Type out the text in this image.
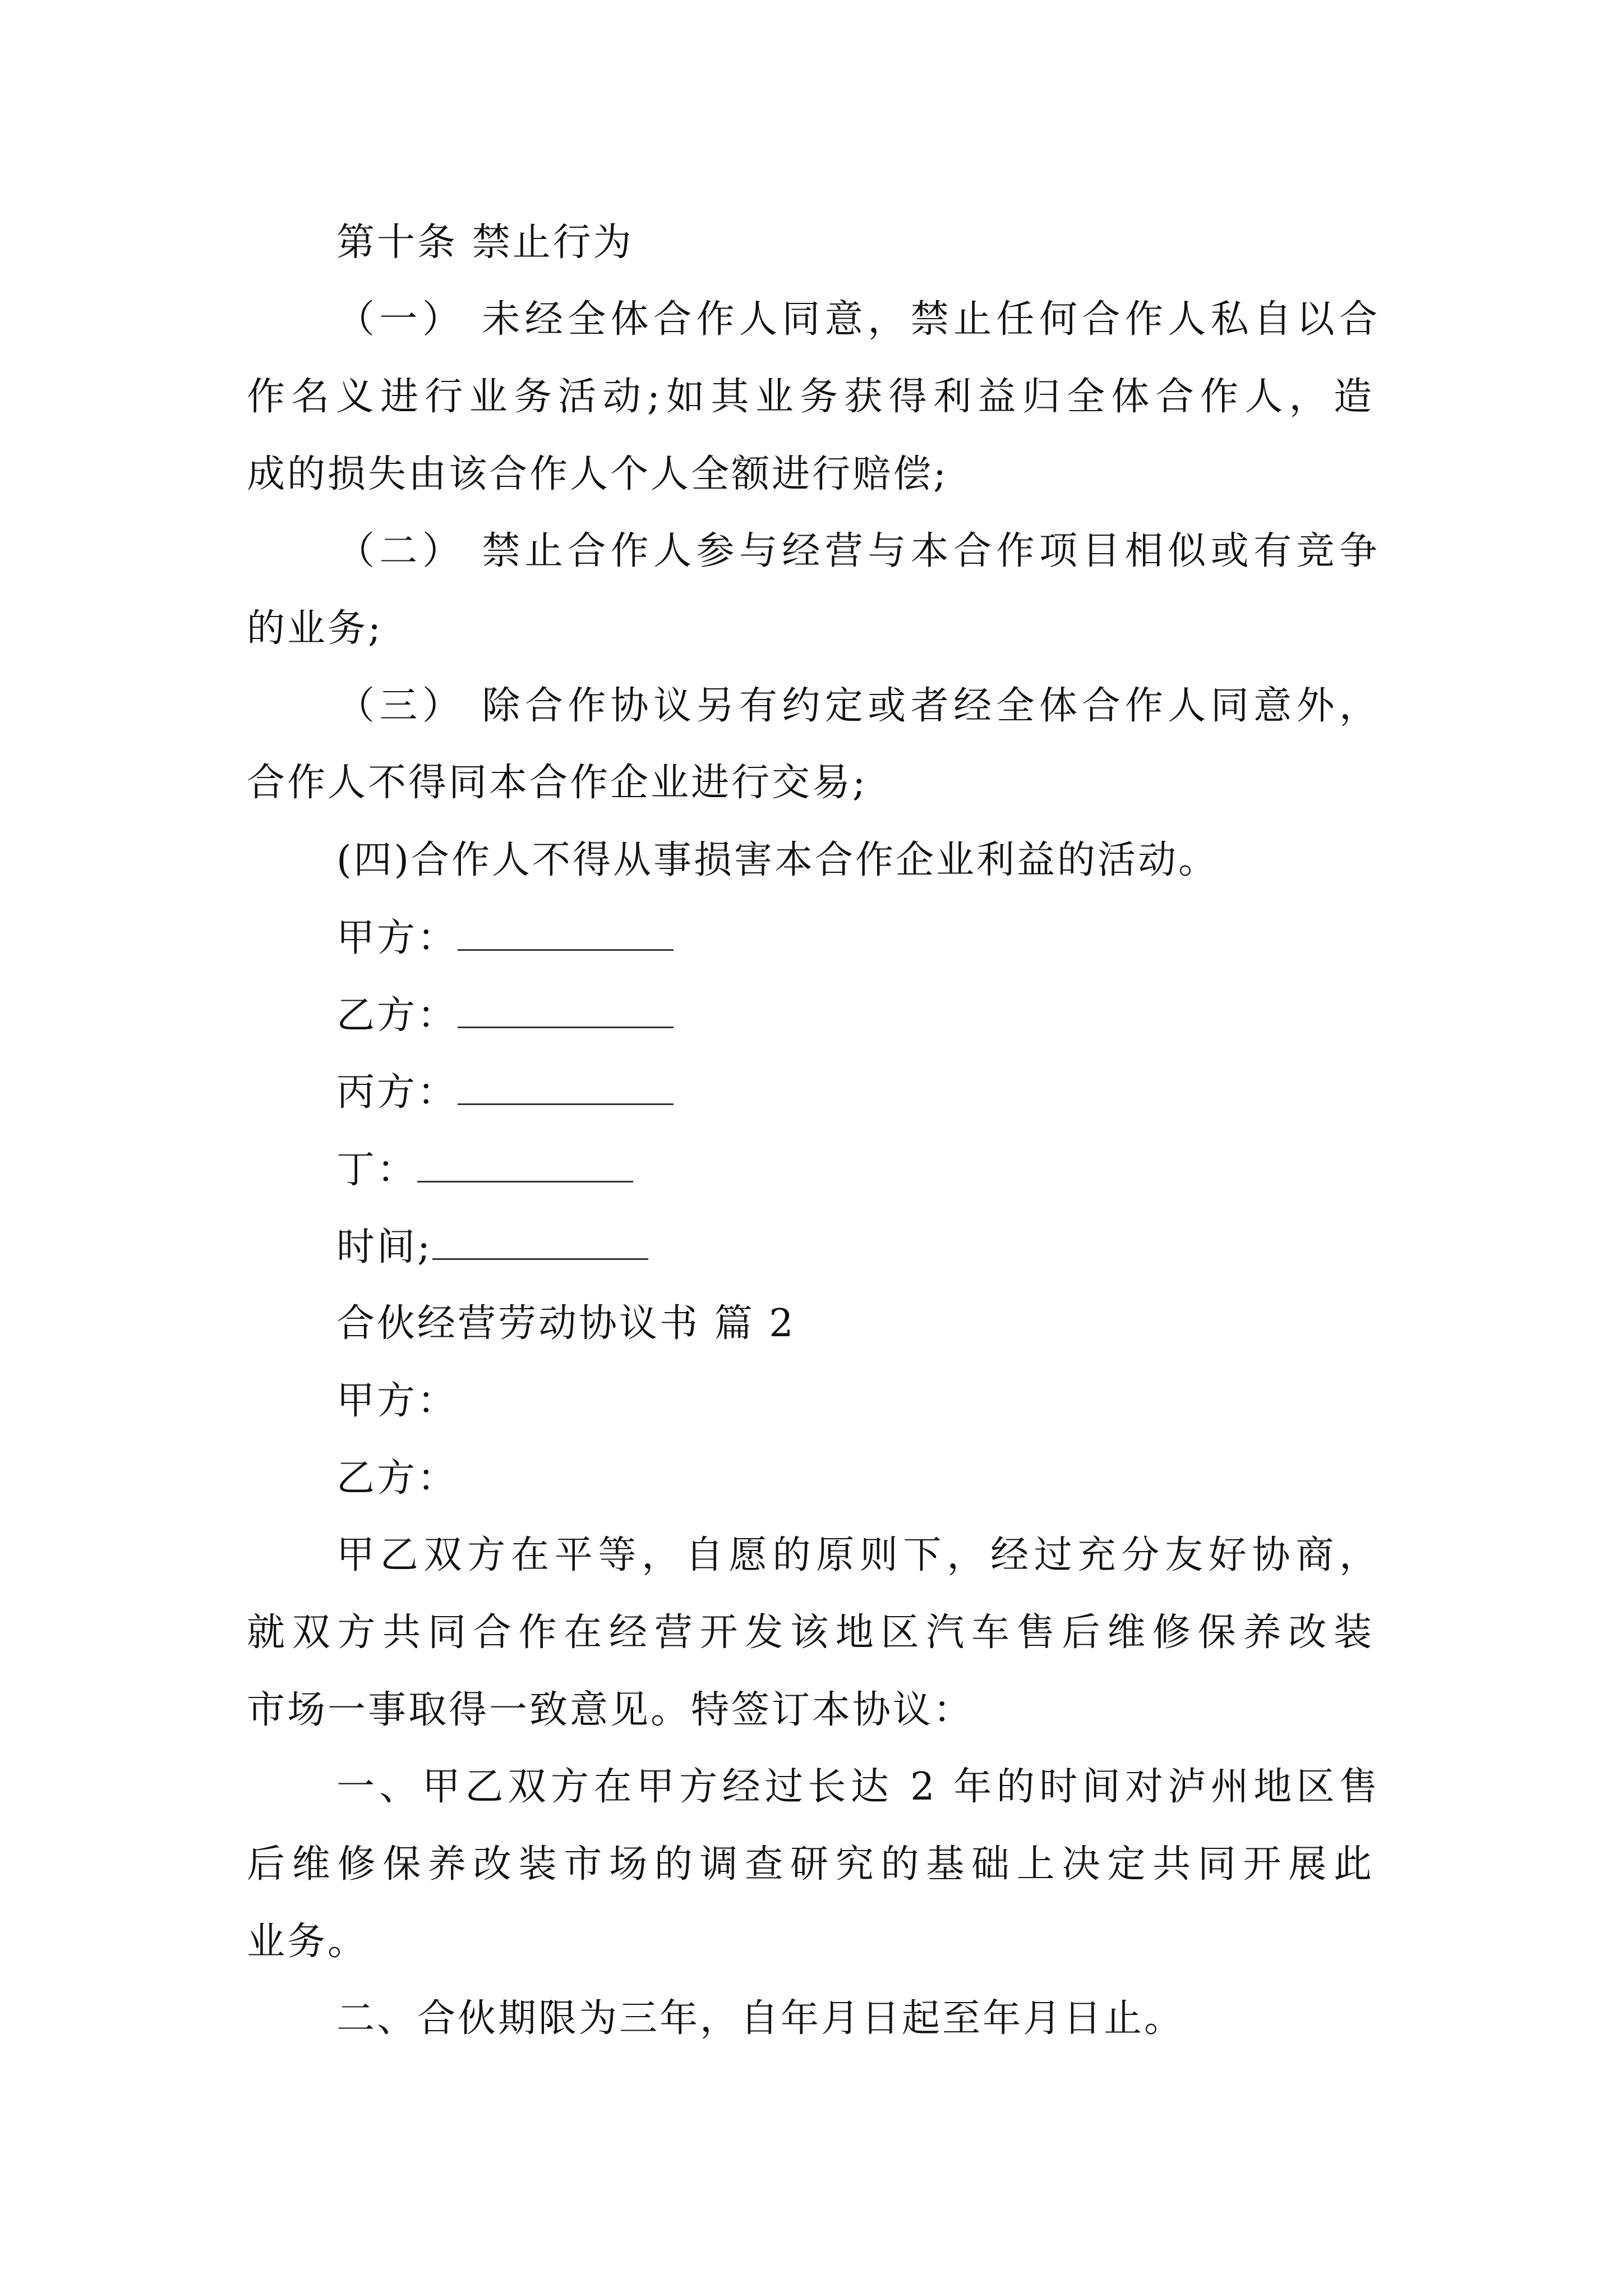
第十条 禁止行为
（一） 未经全体合作人同意，禁止任何合作人私自以合
作名义进行业务活动;如其业务获得利益归全体合作人，造
成的损失由该合作人个人全额进行赔偿;
（二） 禁止合作人参与经营与本合作项目相似或有竞争
的业务;
（三） 除合作协议另有约定或者经全体合作人同意外，
合作人不得同本合作企业进行交易;
(四)合作人不得从事损害本合作企业利益的活动。
甲方：
乙方：
丙方：
丁：
时间;
合伙经营劳动协议书 篇 2
甲方：
乙方：
甲乙双方在平等，自愿的原则下，经过充分友好协商，
就双方共同合作在经营开发该地区汽车售后维修保养改装
市场一事取得一致意见。特签订本协议：
一、甲乙双方在甲方经过长达 2 年的时间对泸州地区售
后维修保养改装市场的调查研究的基础上决定共同开展此
业务。
二、合伙期限为三年，自年月日起至年月日止。
